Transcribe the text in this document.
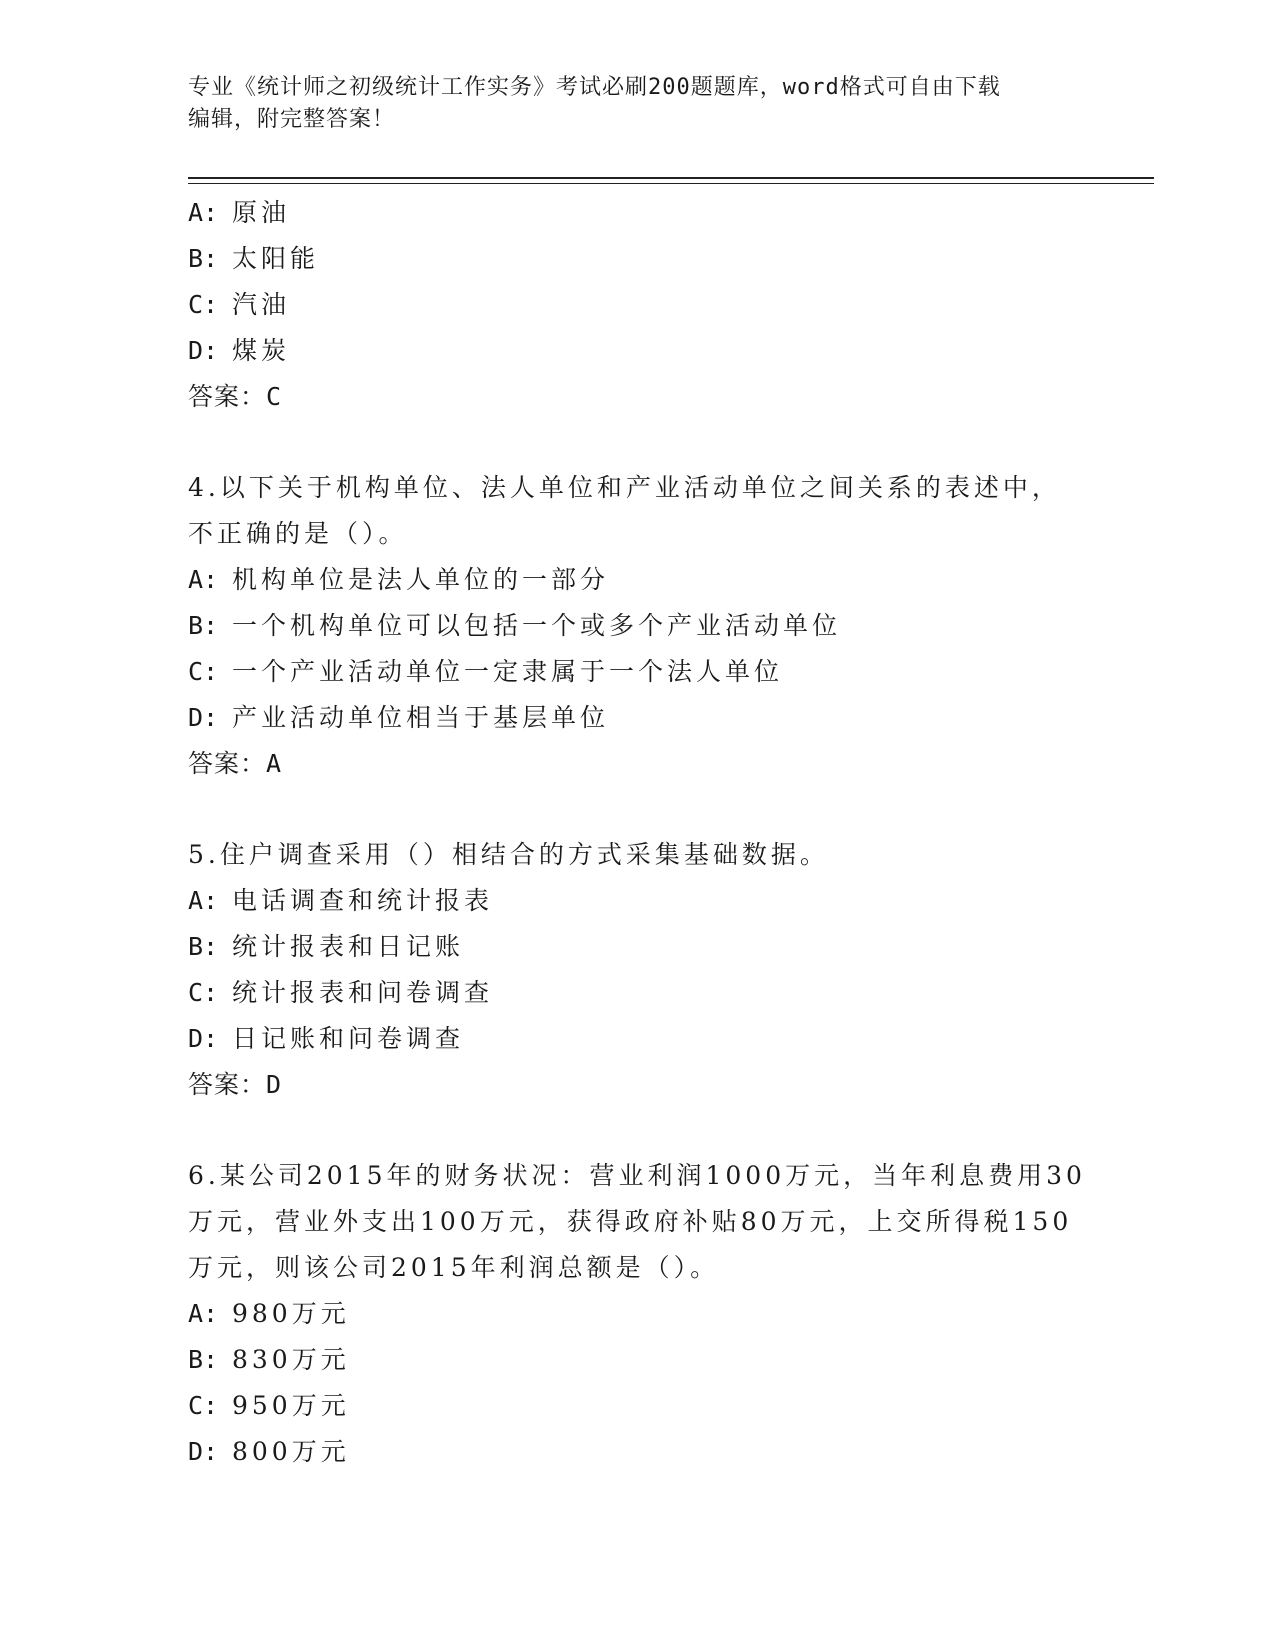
专业《统计师之初级统计工作实务》考试必刷200题题库，word格式可自由下载
编辑，附完整答案！
A: 原油
B: 太阳能
C: 汽油
D: 煤炭
答案：C
4.以下关于机构单位、法人单位和产业活动单位之间关系的表述中，
不正确的是（）。
A: 机构单位是法人单位的一部分
B: 一个机构单位可以包括一个或多个产业活动单位
C: 一个产业活动单位一定隶属于一个法人单位
D: 产业活动单位相当于基层单位
答案：A
5.住户调查采用（）相结合的方式采集基础数据。
A: 电话调查和统计报表
B: 统计报表和日记账
C: 统计报表和问卷调查
D: 日记账和问卷调查
答案：D
6.某公司2015年的财务状况：营业利润1000万元，当年利息费用30
万元，营业外支出100万元，获得政府补贴80万元，上交所得税150
万元，则该公司2015年利润总额是（）。
A: 980万元
B: 830万元
C: 950万元
D: 800万元
